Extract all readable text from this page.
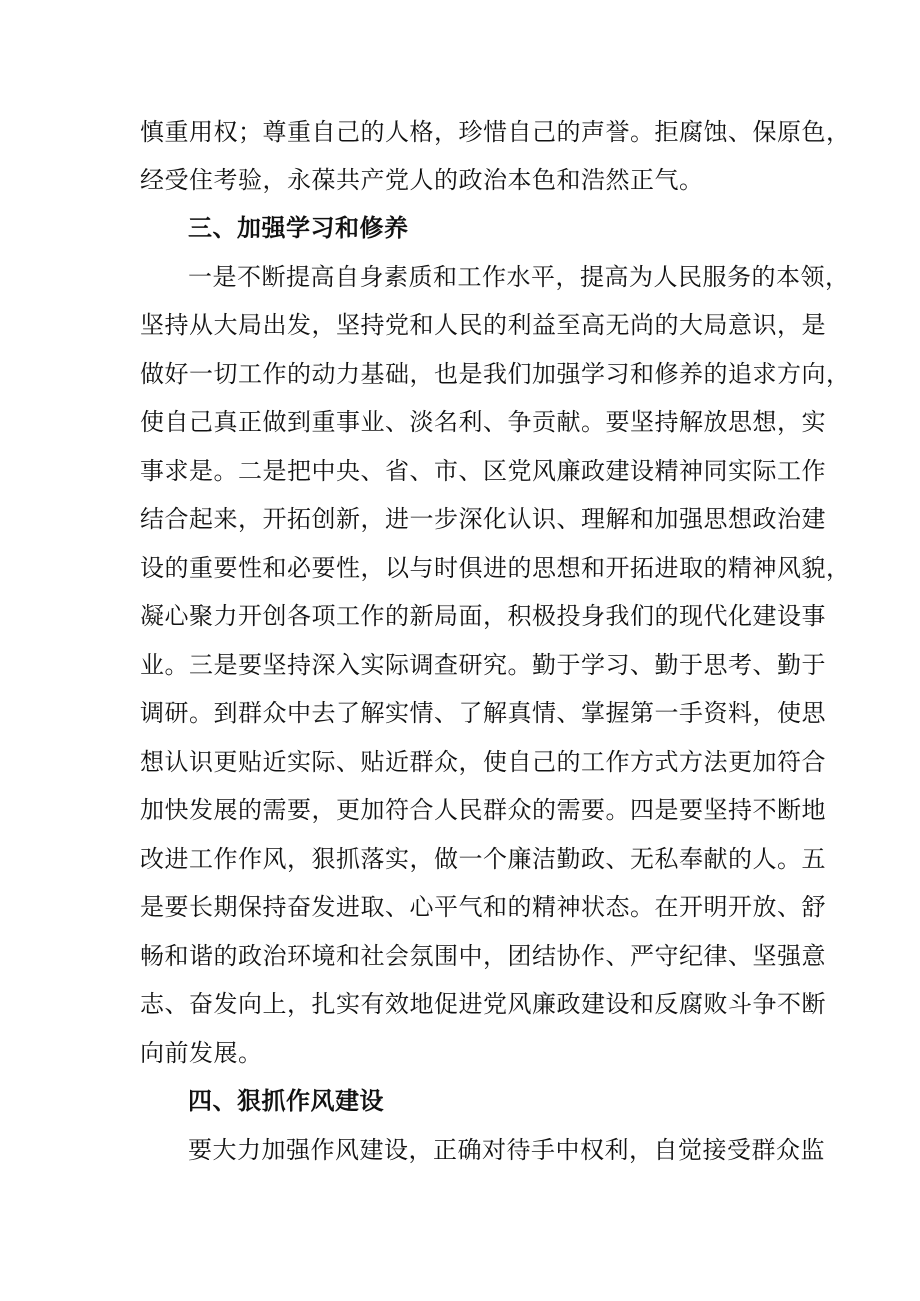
慎重用权；尊重自己的人格，珍惜自己的声誉。拒腐蚀、保原色，
经受住考验，永葆共产党人的政治本色和浩然正气。
三、加强学习和修养
一是不断提高自身素质和工作水平，提高为人民服务的本领，
坚持从大局出发，坚持党和人民的利益至高无尚的大局意识，是
做好一切工作的动力基础，也是我们加强学习和修养的追求方向，
使自己真正做到重事业、淡名利、争贡献。要坚持解放思想，实
事求是。二是把中央、省、市、区党风廉政建设精神同实际工作
结合起来，开拓创新，进一步深化认识、理解和加强思想政治建
设的重要性和必要性，以与时俱进的思想和开拓进取的精神风貌，
凝心聚力开创各项工作的新局面，积极投身我们的现代化建设事
业。三是要坚持深入实际调查研究。勤于学习、勤于思考、勤于
调研。到群众中去了解实情、了解真情、掌握第一手资料，使思
想认识更贴近实际、贴近群众，使自己的工作方式方法更加符合
加快发展的需要，更加符合人民群众的需要。四是要坚持不断地
改进工作作风，狠抓落实，做一个廉洁勤政、无私奉献的人。五
是要长期保持奋发进取、心平气和的精神状态。在开明开放、舒
畅和谐的政治环境和社会氛围中，团结协作、严守纪律、坚强意
志、奋发向上，扎实有效地促进党风廉政建设和反腐败斗争不断
向前发展。
四、狠抓作风建设
要大力加强作风建设，正确对待手中权利，自觉接受群众监
